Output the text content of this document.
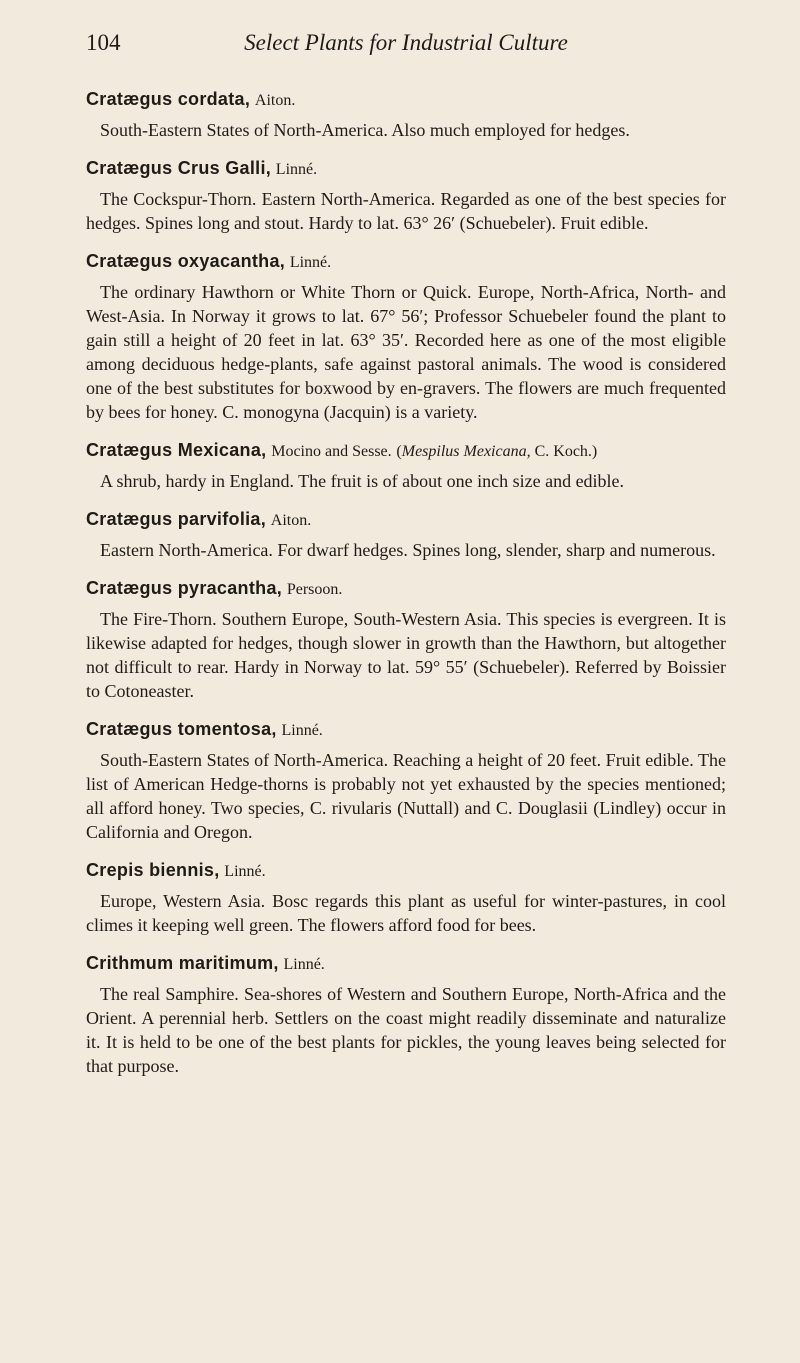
104	Select Plants for Industrial Culture
Cratægus cordata, Aiton.

South-Eastern States of North-America. Also much employed for hedges.

Cratægus Crus Galli, Linné.

The Cockspur-Thorn. Eastern North-America. Regarded as one of the best species for hedges. Spines long and stout. Hardy to lat. 63° 26′ (Schuebeler). Fruit edible.

Cratægus oxyacantha, Linné.

The ordinary Hawthorn or White Thorn or Quick. Europe, North-Africa, North- and West-Asia. In Norway it grows to lat. 67° 56′; Professor Schuebeler found the plant to gain still a height of 20 feet in lat. 63° 35′. Recorded here as one of the most eligible among deciduous hedge-plants, safe against pastoral animals. The wood is considered one of the best substitutes for boxwood by en-gravers. The flowers are much frequented by bees for honey. C. monogyna (Jacquin) is a variety.

Cratægus Mexicana, Mocino and Sesse. (Mespilus Mexicana, C. Koch.)

A shrub, hardy in England. The fruit is of about one inch size and edible.

Cratægus parvifolia, Aiton.

Eastern North-America. For dwarf hedges. Spines long, slender, sharp and numerous.

Cratægus pyracantha, Persoon.

The Fire-Thorn. Southern Europe, South-Western Asia. This species is evergreen. It is likewise adapted for hedges, though slower in growth than the Hawthorn, but altogether not difficult to rear. Hardy in Norway to lat. 59° 55′ (Schuebeler). Referred by Boissier to Cotoneaster.

Cratægus tomentosa, Linné.

South-Eastern States of North-America. Reaching a height of 20 feet. Fruit edible. The list of American Hedge-thorns is probably not yet exhausted by the species mentioned; all afford honey. Two species, C. rivularis (Nuttall) and C. Douglasii (Lindley) occur in California and Oregon.

Crepis biennis, Linné.

Europe, Western Asia. Bosc regards this plant as useful for winter-pastures, in cool climes it keeping well green. The flowers afford food for bees.

Crithmum maritimum, Linné.

The real Samphire. Sea-shores of Western and Southern Europe, North-Africa and the Orient. A perennial herb. Settlers on the coast might readily disseminate and naturalize it. It is held to be one of the best plants for pickles, the young leaves being selected for that purpose.
